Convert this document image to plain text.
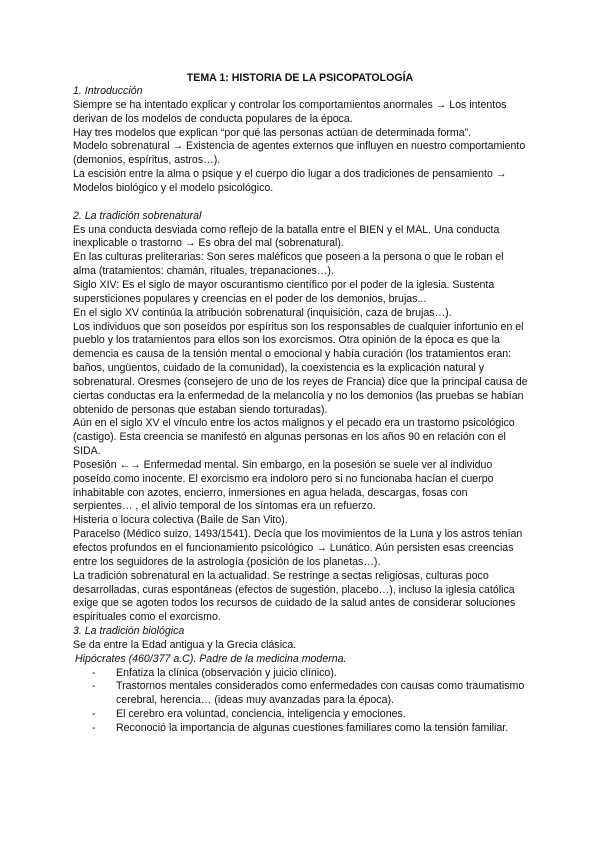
TEMA 1: HISTORIA DE LA PSICOPATOLOGÍA

1. Introducción

Siempre se ha intentado explicar y controlar los comportamientos anormales → Los intentos derivan de los modelos de conducta populares de la época.

Hay tres modelos que explican “por qué las personas actúan de determinada forma”.

Modelo sobrenatural → Existencia de agentes externos que influyen en nuestro comportamiento (demonios, espíritus, astros…).

La escisión entre la alma o psique y el cuerpo dio lugar a dos tradiciones de pensamiento → Modelos biológico y el modelo psicológico.

2. La tradición sobrenatural

Es una conducta desviada como reflejo de la batalla entre el BIEN y el MAL. Una conducta inexplicable o trastorno → Es obra del mal (sobrenatural).

En las culturas preliterarias: Son seres maléficos que poseen a la persona o que le roban el alma (tratamientos: chamán, rituales, trepanaciones…).

Siglo XIV: Es el siglo de mayor oscurantismo científico por el poder de la iglesia. Sustenta supersticiones populares y creencias en el poder de los demonios, brujas...

En el siglo XV continúa la atribución sobrenatural (inquisición, caza de brujas…).

Los individuos que son poseídos por espíritus son los responsables de cualquier infortunio en el pueblo y los tratamientos para ellos son los exorcismos. Otra opinión de la época es que la demencia es causa de la tensión mental o emocional y había curación (los tratamientos eran: baños, ungüentos, cuidado de la comunidad), la coexistencia es la explicación natural y sobrenatural. Oresmes (consejero de uno de los reyes de Francia) dice que la principal causa de ciertas conductas era la enfermedad de la melancolía y no los demonios (las pruebas se habían obtenido de personas que estaban siendo torturadas).

Aún en el siglo XV el vínculo entre los actos malignos y el pecado era un trastorno psicológico (castigo). Esta creencia se manifestó en algunas personas en los años 90 en relación con el SIDA.

Posesión ←→ Enfermedad mental. Sin embargo, en la posesión se suele ver al individuo poseído como inocente. El exorcismo era indoloro pero si no funcionaba hacían el cuerpo inhabitable con azotes, encierro, inmersiones en agua helada, descargas, fosas con serpientes… , el alivio temporal de los síntomas era un refuerzo.

Histeria o locura colectiva (Baile de San Vito).

Paracelso (Médico suizo, 1493/1541). Decía que los movimientos de la Luna y los astros tenían efectos profundos en el funcionamiento psicológico → Lunático. Aún persisten esas creencias entre los seguidores de la astrología (posición de los planetas…).

La tradición sobrenatural en la actualidad. Se restringe a sectas religiosas, culturas poco desarrolladas, curas espontáneas (efectos de sugestión, placebo…), incluso la iglesia católica exige que se agoten todos los recursos de cuidado de la salud antes de considerar soluciones espirituales como el exorcismo.

3. La tradición biológica

Se da entre la Edad antigua y la Grecia clásica.

Hipócrates (460/377 a.C). Padre de la medicina moderna.

- Enfatiza la clínica (observación y juicio clínico).
- Trastornos mentales considerados como enfermedades con causas como traumatismo cerebral, herencia… (ideas muy avanzadas para la época).
- El cerebro era voluntad, conciencia, inteligencia y emociones.
- Reconoció la importancia de algunas cuestiones familiares como la tensión familiar.
